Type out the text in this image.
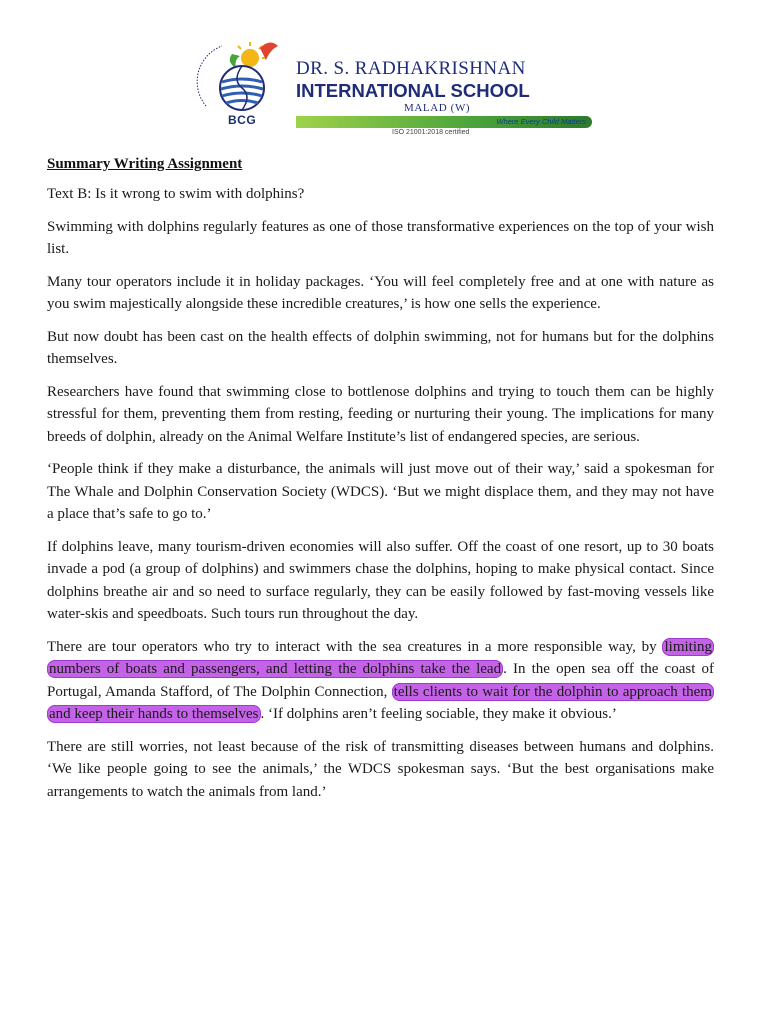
BCG
DR. S. RADHAKRISHNAN
INTERNATIONAL SCHOOL
MALAD (W)
Where Every Child Matters
ISO 21001:2018 certified
Summary Writing Assignment

Text B: Is it wrong to swim with dolphins?

Swimming with dolphins regularly features as one of those transformative experiences on the top of your wish list.

Many tour operators include it in holiday packages. ‘You will feel completely free and at one with nature as you swim majestically alongside these incredible creatures,’ is how one sells the experience.

But now doubt has been cast on the health effects of dolphin swimming, not for humans but for the dolphins themselves.

Researchers have found that swimming close to bottlenose dolphins and trying to touch them can be highly stressful for them, preventing them from resting, feeding or nurturing their young. The implications for many breeds of dolphin, already on the Animal Welfare Institute’s list of endangered species, are serious.

‘People think if they make a disturbance, the animals will just move out of their way,’ said a spokesman for The Whale and Dolphin Conservation Society (WDCS). ‘But we might displace them, and they may not have a place that’s safe to go to.’

If dolphins leave, many tourism-driven economies will also suffer. Off the coast of one resort, up to 30 boats invade a pod (a group of dolphins) and swimmers chase the dolphins, hoping to make physical contact. Since dolphins breathe air and so need to surface regularly, they can be easily followed by fast-moving vessels like water-skis and speedboats. Such tours run throughout the day.

There are tour operators who try to interact with the sea creatures in a more responsible way, by limiting numbers of boats and passengers, and letting the dolphins take the lead . In the open sea off the coast of Portugal, Amanda Stafford, of The Dolphin Connection, tells clients to wait for the dolphin to approach them and keep their hands to themselves . ‘If dolphins aren’t feeling sociable, they make it obvious.’

There are still worries, not least because of the risk of transmitting diseases between humans and dolphins. ‘We like people going to see the animals,’ the WDCS spokesman says. ‘But the best organisations make arrangements to watch the animals from land.’
